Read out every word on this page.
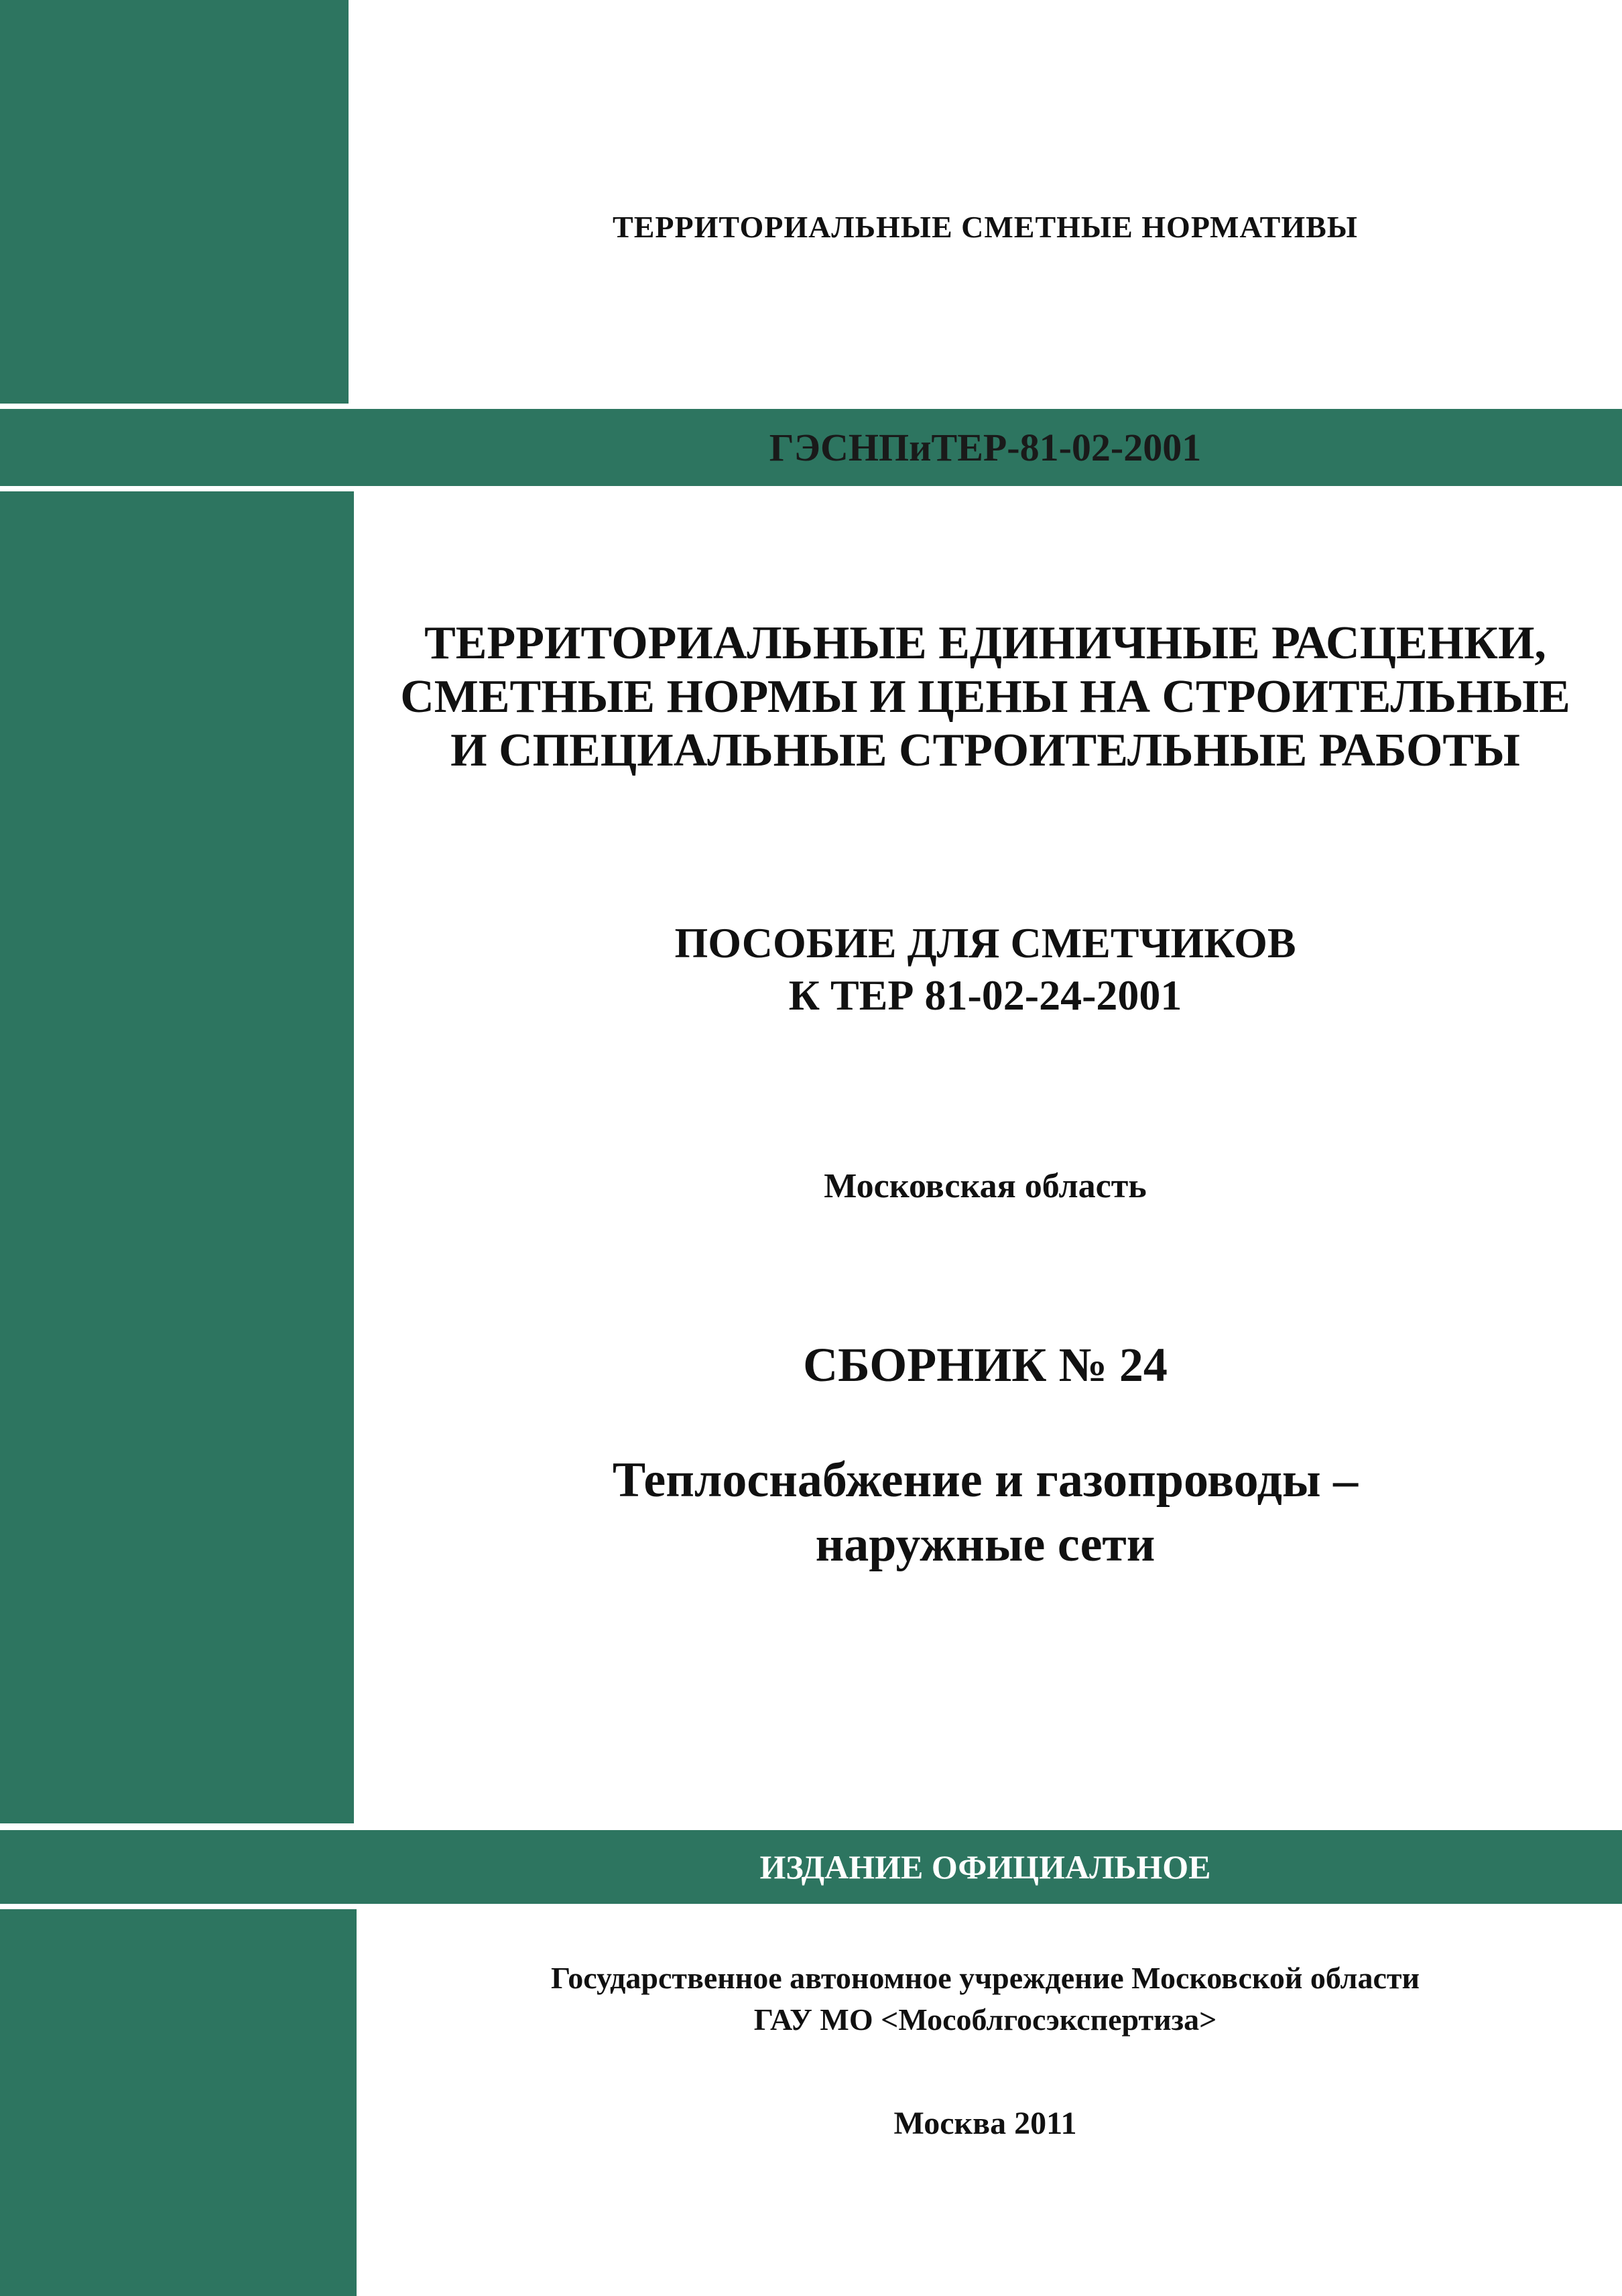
ТЕРРИТОРИАЛЬНЫЕ СМЕТНЫЕ НОРМАТИВЫ

ГЭСНПиТЕР-81-02-2001

ТЕРРИТОРИАЛЬНЫЕ ЕДИНИЧНЫЕ РАСЦЕНКИ,
СМЕТНЫЕ НОРМЫ И ЦЕНЫ НА СТРОИТЕЛЬНЫЕ
И СПЕЦИАЛЬНЫЕ СТРОИТЕЛЬНЫЕ РАБОТЫ

ПОСОБИЕ ДЛЯ СМЕТЧИКОВ
К ТЕР 81-02-24-2001

Московская область

СБОРНИК № 24

Теплоснабжение и газопроводы –
наружные сети

ИЗДАНИЕ ОФИЦИАЛЬНОЕ

Государственное автономное учреждение Московской области
ГАУ МО <Мособлгосэкспертиза>

Москва 2011
